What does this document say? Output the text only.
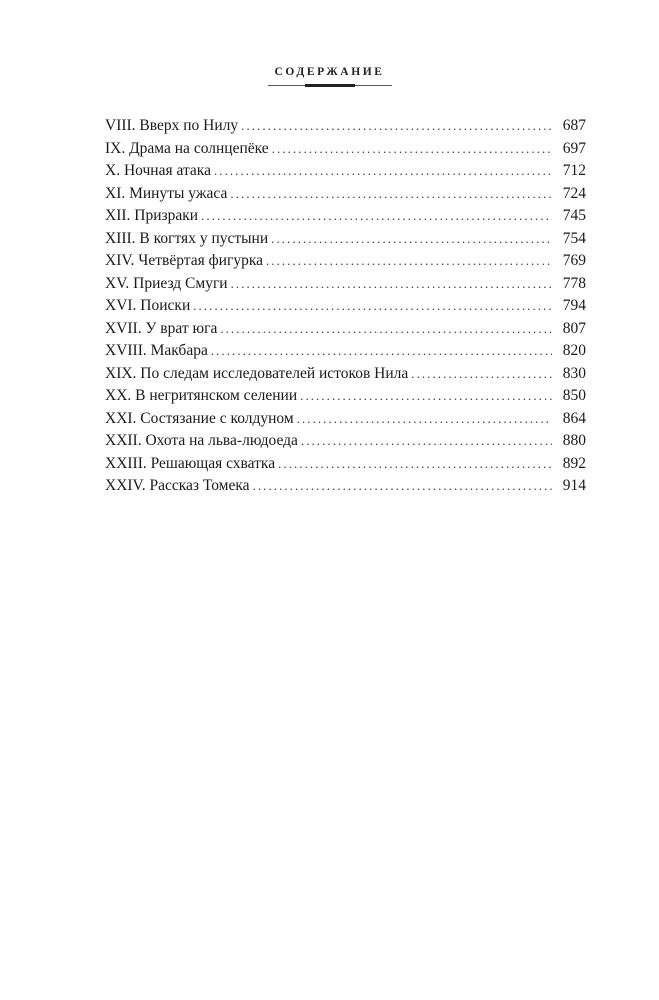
СОДЕРЖАНИЕ
VIII. Вверх по Нилу . . .	687
IX. Драма на солнцепёке . . .	697
X. Ночная атака . . .	712
XI. Минуты ужаса . . .	724
XII. Призраки . . .	745
XIII. В когтях у пустыни . . .	754
XIV. Четвёртая фигурка . . .	769
XV. Приезд Смуги . . .	778
XVI. Поиски . . .	794
XVII. У врат юга . . .	807
XVIII. Макбара . . .	820
XIX. По следам исследователей истоков Нила . . .	830
XX. В негритянском селении . . .	850
XXI. Состязание с колдуном . . .	864
XXII. Охота на льва-людоеда . . .	880
XXIII. Решающая схватка . . .	892
XXIV. Рассказ Томека . . .	914
